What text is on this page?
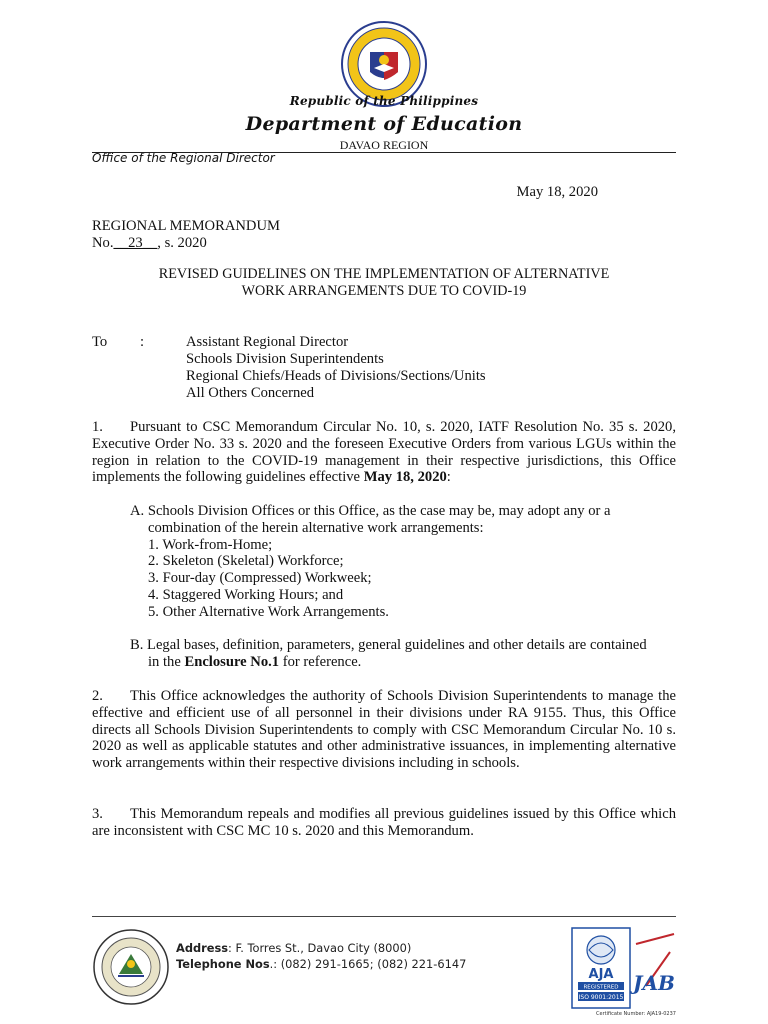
Republic of the Philippines
Department of Education
DAVAO REGION
Office of the Regional Director
May 18, 2020
REGIONAL MEMORANDUM
No.__23__, s. 2020
REVISED GUIDELINES ON THE IMPLEMENTATION OF ALTERNATIVE
WORK ARRANGEMENTS DUE TO COVID-19
To :	Assistant Regional Director
Schools Division Superintendents
Regional Chiefs/Heads of Divisions/Sections/Units
All Others Concerned
1. Pursuant to CSC Memorandum Circular No. 10, s. 2020, IATF Resolution No. 35 s. 2020, Executive Order No. 33 s. 2020 and the foreseen Executive Orders from various LGUs within the region in relation to the COVID-19 management in their respective jurisdictions, this Office implements the following guidelines effective May 18, 2020:
A. Schools Division Offices or this Office, as the case may be, may adopt any or a
combination of the herein alternative work arrangements:
1. Work-from-Home;
2. Skeleton (Skeletal) Workforce;
3. Four-day (Compressed) Workweek;
4. Staggered Working Hours; and
5. Other Alternative Work Arrangements.
B. Legal bases, definition, parameters, general guidelines and other details are contained
in the Enclosure No.1 for reference.
2. This Office acknowledges the authority of Schools Division Superintendents to manage the effective and efficient use of all personnel in their divisions under RA 9155. Thus, this Office directs all Schools Division Superintendents to comply with CSC Memorandum Circular No. 10 s. 2020 as well as applicable statutes and other administrative issuances, in implementing alternative work arrangements within their respective divisions including in schools.
3. This Memorandum repeals and modifies all previous guidelines issued by this Office which are inconsistent with CSC MC 10 s. 2020 and this Memorandum.
Address: F. Torres St., Davao City (8000)
Telephone Nos.: (082) 291-1665; (082) 221-6147
AJA
REGISTERED
ISO 9001:2015
JAB
Certificate Number: AJA19-0237
